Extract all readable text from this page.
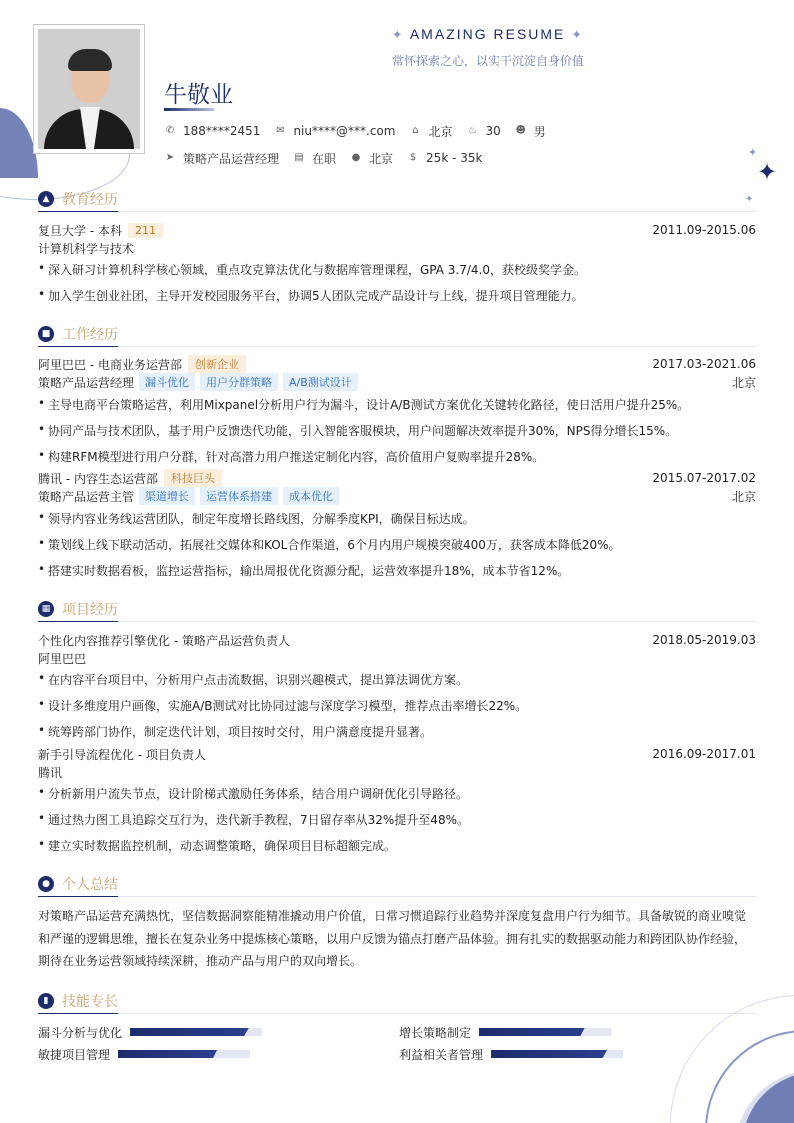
✦
✦
✦
✦ AMAZING RESUME ✦
常怀探索之心，以实干沉淀自身价值
牛敬业
✆ 188****2451 ✉ niu****@***.com ⌂ 北京 ♨ 30 ☻ 男
➤ 策略产品运营经理 ▤ 在职 ● 北京 $ 25k - 35k
▲ 教育经历
复旦大学 - 本科	211	2011.09-2015.06
计算机科学与技术
• 深入研习计算机科学核心领域，重点攻克算法优化与数据库管理课程，GPA 3.7/4.0，获校级奖学金。
• 加入学生创业社团，主导开发校园服务平台，协调5人团队完成产品设计与上线，提升项目管理能力。
■ 工作经历
阿里巴巴 - 电商业务运营部	创新企业	2017.03-2021.06
策略产品运营经理	漏斗优化	用户分群策略	A/B测试设计	北京
• 主导电商平台策略运营，利用Mixpanel分析用户行为漏斗，设计A/B测试方案优化关键转化路径，使日活用户提升25%。
• 协同产品与技术团队，基于用户反馈迭代功能，引入智能客服模块，用户问题解决效率提升30%，NPS得分增长15%。
• 构建RFM模型进行用户分群，针对高潜力用户推送定制化内容，高价值用户复购率提升28%。
腾讯 - 内容生态运营部	科技巨头	2015.07-2017.02
策略产品运营主管	渠道增长	运营体系搭建	成本优化	北京
• 领导内容业务线运营团队，制定年度增长路线图，分解季度KPI，确保目标达成。
• 策划线上线下联动活动，拓展社交媒体和KOL合作渠道，6个月内用户规模突破400万，获客成本降低20%。
• 搭建实时数据看板，监控运营指标，输出周报优化资源分配，运营效率提升18%，成本节省12%。
▦ 项目经历
个性化内容推荐引擎优化 - 策略产品运营负责人	2018.05-2019.03
阿里巴巴
• 在内容平台项目中，分析用户点击流数据，识别兴趣模式，提出算法调优方案。
• 设计多维度用户画像，实施A/B测试对比协同过滤与深度学习模型，推荐点击率增长22%。
• 统筹跨部门协作，制定迭代计划，项目按时交付，用户满意度提升显著。
新手引导流程优化 - 项目负责人	2016.09-2017.01
腾讯
• 分析新用户流失节点，设计阶梯式激励任务体系，结合用户调研优化引导路径。
• 通过热力图工具追踪交互行为，迭代新手教程，7日留存率从32%提升至48%。
• 建立实时数据监控机制，动态调整策略，确保项目目标超额完成。
● 个人总结
对策略产品运营充满热忱，坚信数据洞察能精准撬动用户价值，日常习惯追踪行业趋势并深度复盘用户行为细节。具备敏锐的商业嗅觉
和严谨的逻辑思维，擅长在复杂业务中提炼核心策略，以用户反馈为锚点打磨产品体验。拥有扎实的数据驱动能力和跨团队协作经验，
期待在业务运营领域持续深耕，推动产品与用户的双向增长。
▮ 技能专长
漏斗分析与优化	增长策略制定
敏捷项目管理	利益相关者管理
